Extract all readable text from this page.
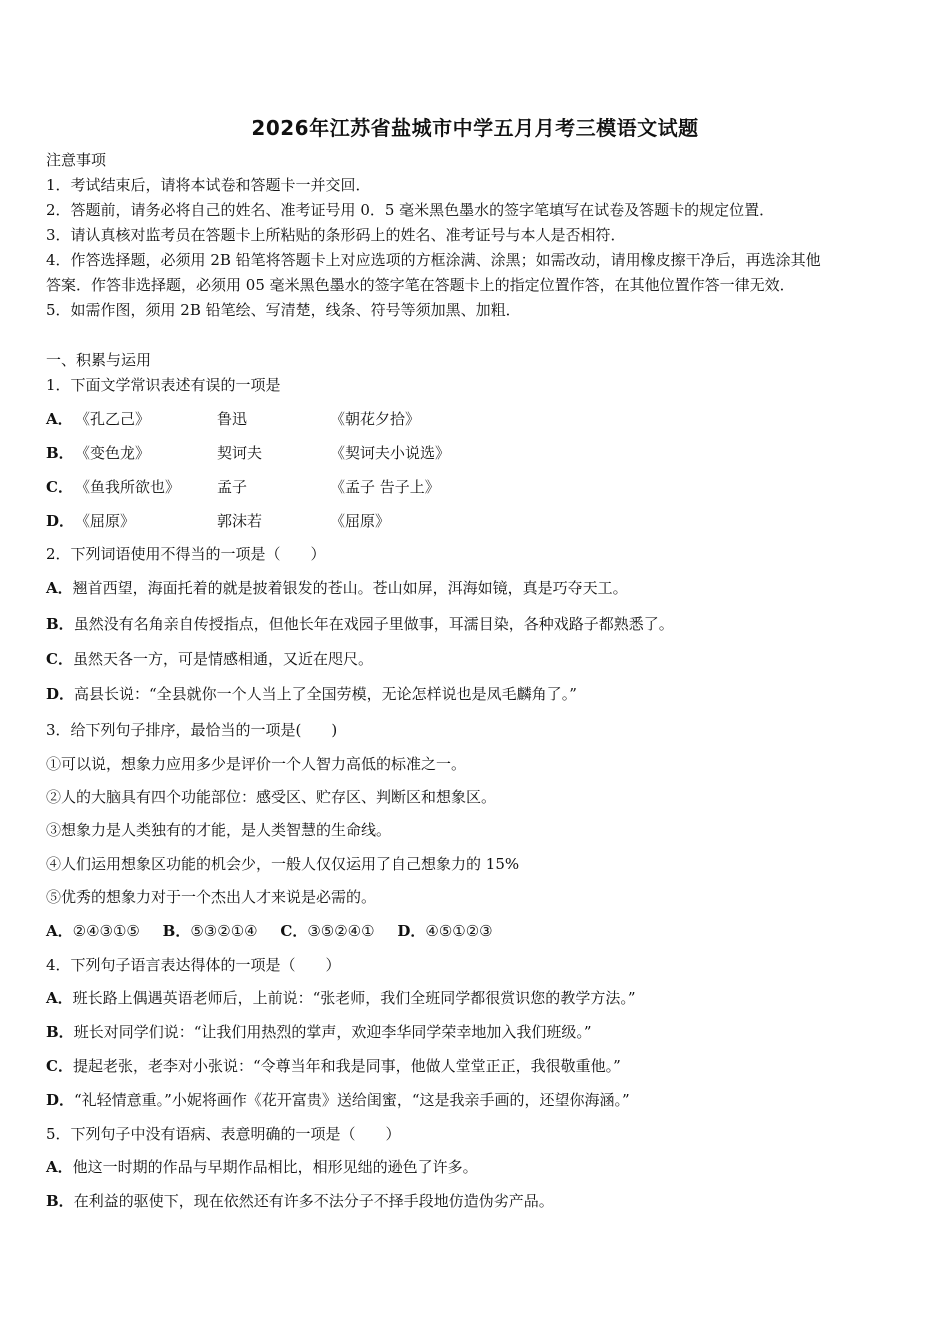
2026年江苏省盐城市中学五月月考三模语文试题
注意事项
1．考试结束后，请将本试卷和答题卡一并交回．
2．答题前，请务必将自己的姓名、准考证号用 0．5 毫米黑色墨水的签字笔填写在试卷及答题卡的规定位置．
3．请认真核对监考员在答题卡上所粘贴的条形码上的姓名、准考证号与本人是否相符．
4．作答选择题，必须用 2B 铅笔将答题卡上对应选项的方框涂满、涂黑；如需改动，请用橡皮擦干净后，再选涂其他
答案．作答非选择题，必须用 05 毫米黑色墨水的签字笔在答题卡上的指定位置作答，在其他位置作答一律无效．
5．如需作图，须用 2B 铅笔绘、写清楚，线条、符号等须加黑、加粗．
一、积累与运用
1．下面文学常识表述有误的一项是
A． 《孔乙己》	鲁迅	《朝花夕拾》
B． 《变色龙》	契诃夫	《契诃夫小说选》
C． 《鱼我所欲也》 孟子	《孟子 告子上》
D． 《屈原》	郭沫若	《屈原》
2．下列词语使用不得当的一项是（　　）
A．翘首西望，海面托着的就是披着银发的苍山。苍山如屏，洱海如镜，真是巧夺天工。
B．虽然没有名角亲自传授指点，但他长年在戏园子里做事，耳濡目染，各种戏路子都熟悉了。
C．虽然天各一方，可是情感相通，又近在咫尺。
D．高县长说：“全县就你一个人当上了全国劳模，无论怎样说也是凤毛麟角了。”
3．给下列句子排序，最恰当的一项是(　　)
①可以说，想象力应用多少是评价一个人智力高低的标准之一。
②人的大脑具有四个功能部位：感受区、贮存区、判断区和想象区。
③想象力是人类独有的才能，是人类智慧的生命线。
④人们运用想象区功能的机会少，一般人仅仅运用了自己想象力的 15%
⑤优秀的想象力对于一个杰出人才来说是必需的。
A．②④③①⑤ B．⑤③②①④ C．③⑤②④① D．④⑤①②③
4．下列句子语言表达得体的一项是（　　）
A．班长路上偶遇英语老师后，上前说：“张老师，我们全班同学都很赏识您的教学方法。”
B．班长对同学们说：“让我们用热烈的掌声，欢迎李华同学荣幸地加入我们班级。”
C．提起老张，老李对小张说：“令尊当年和我是同事，他做人堂堂正正，我很敬重他。”
D．“礼轻情意重。”小妮将画作《花开富贵》送给闺蜜，“这是我亲手画的，还望你海涵。”
5．下列句子中没有语病、表意明确的一项是（　　）
A．他这一时期的作品与早期作品相比，相形见绌的逊色了许多。
B．在利益的驱使下，现在依然还有许多不法分子不择手段地仿造伪劣产品。
